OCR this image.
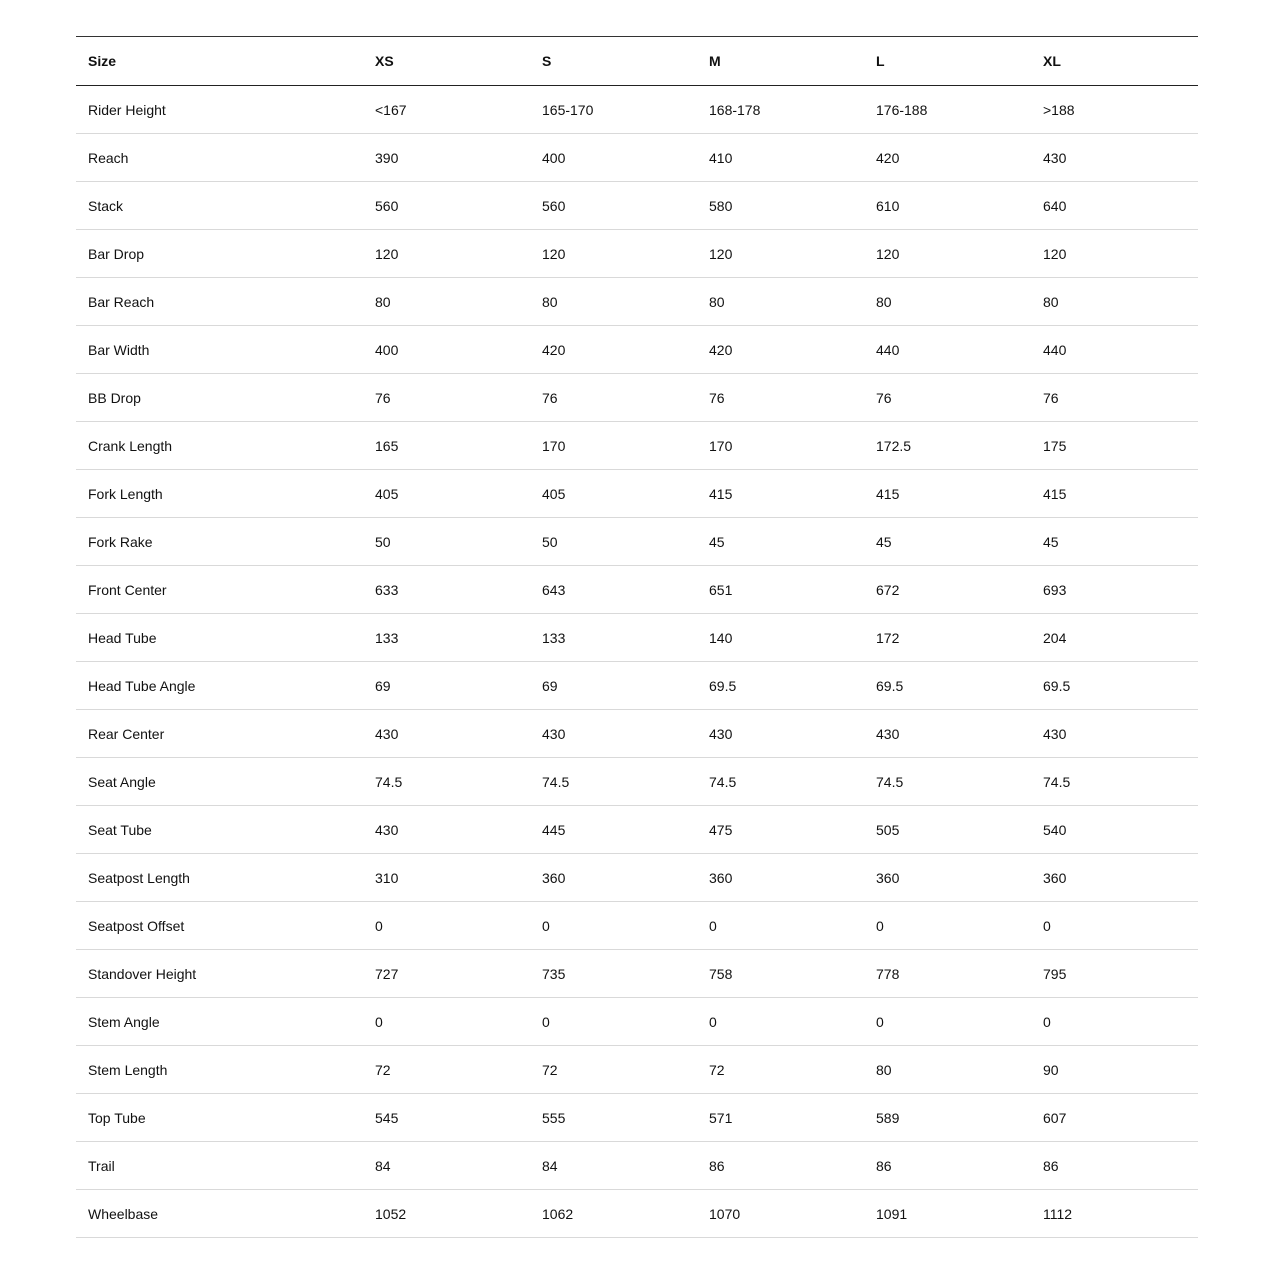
Size	XS	S	M	L	XL
Rider Height	<167	165-170	168-178	176-188	>188
Reach	390	400	410	420	430
Stack	560	560	580	610	640
Bar Drop	120	120	120	120	120
Bar Reach	80	80	80	80	80
Bar Width	400	420	420	440	440
BB Drop	76	76	76	76	76
Crank Length	165	170	170	172.5	175
Fork Length	405	405	415	415	415
Fork Rake	50	50	45	45	45
Front Center	633	643	651	672	693
Head Tube	133	133	140	172	204
Head Tube Angle	69	69	69.5	69.5	69.5
Rear Center	430	430	430	430	430
Seat Angle	74.5	74.5	74.5	74.5	74.5
Seat Tube	430	445	475	505	540
Seatpost Length	310	360	360	360	360
Seatpost Offset	0	0	0	0	0
Standover Height	727	735	758	778	795
Stem Angle	0	0	0	0	0
Stem Length	72	72	72	80	90
Top Tube	545	555	571	589	607
Trail	84	84	86	86	86
Wheelbase	1052	1062	1070	1091	1112
